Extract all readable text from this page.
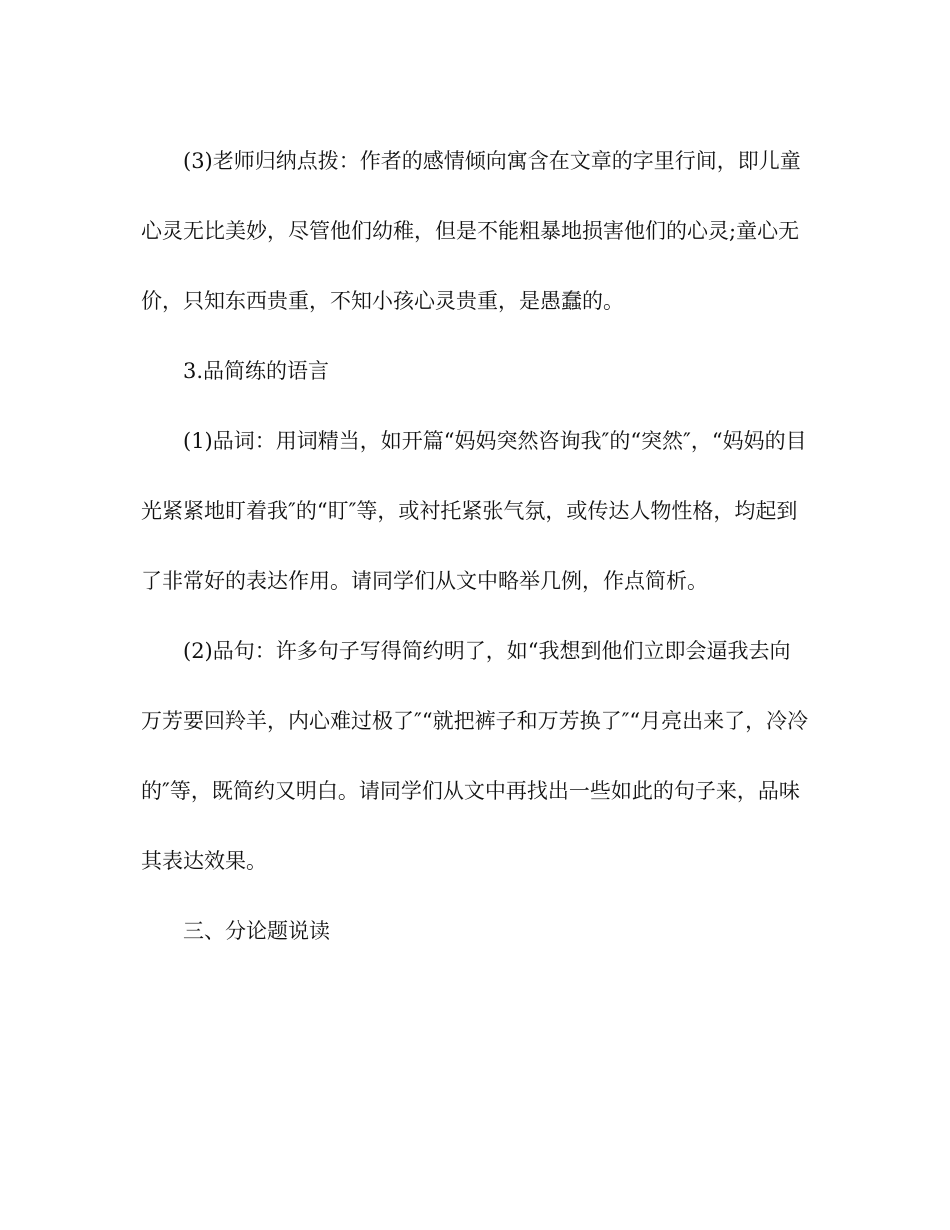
(3)老师归纳点拨：作者的感情倾向寓含在文章的字里行间，即儿童心灵无比美妙，尽管他们幼稚，但是不能粗暴地损害他们的心灵;童心无价，只知东西贵重，不知小孩心灵贵重，是愚蠢的。

3.品简练的语言

(1)品词：用词精当，如开篇“妈妈突然咨询我″的“突然″，“妈妈的目光紧紧地盯着我″的“盯″等，或衬托紧张气氛，或传达人物性格，均起到了非常好的表达作用。请同学们从文中略举几例，作点简析。

(2)品句：许多句子写得简约明了，如“我想到他们立即会逼我去向万芳要回羚羊，内心难过极了″“就把裤子和万芳换了″“月亮出来了，冷冷的″等，既简约又明白。请同学们从文中再找出一些如此的句子来，品味其表达效果。

三、分论题说读
